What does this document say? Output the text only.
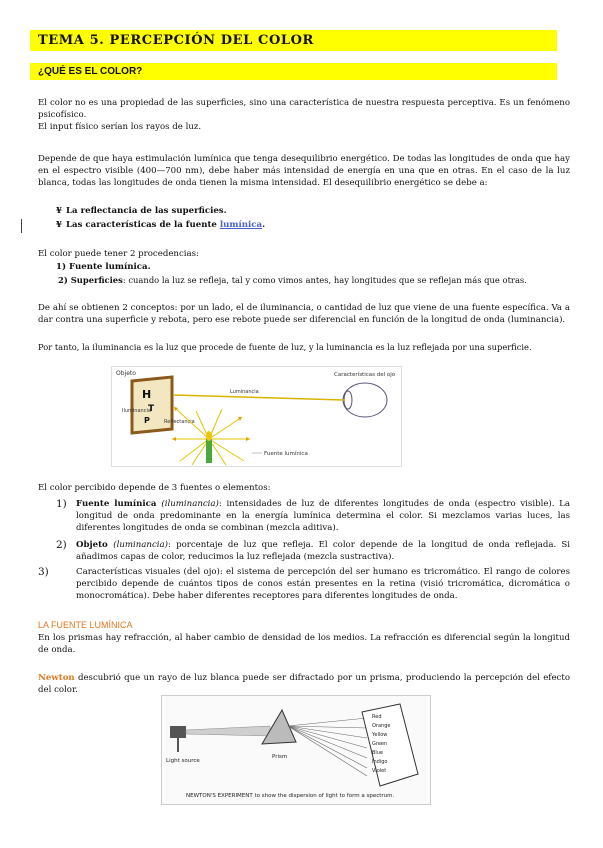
TEMA 5. PERCEPCIÓN DEL COLOR
¿QUÉ ES EL COLOR?
El color no es una propiedad de las superficies, sino una característica de nuestra respuesta perceptiva. Es un fenómeno psicofísico.
El input físico serían los rayos de luz.
Depende de que haya estimulación lumínica que tenga desequilibrio energético. De todas las longitudes de onda que hay en el espectro visible (400—700 nm), debe haber más intensidad de energía en una que en otras. En el caso de la luz blanca, todas las longitudes de onda tienen la misma intensidad. El desequilibrio energético se debe a:
¥ La reflectancia de las superficies.
¥ Las características de la fuente lumínica.
El color puede tener 2 procedencias:
1) Fuente lumínica.
2) Superficies: cuando la luz se refleja, tal y como vimos antes, hay longitudes que se reflejan más que otras.
De ahí se obtienen 2 conceptos: por un lado, el de iluminancia, o cantidad de luz que viene de una fuente específica. Va a dar contra una superficie y rebota, pero ese rebote puede ser diferencial en función de la longitud de onda (luminancia).
Por tanto, la iluminancia es la luz que procede de fuente de luz, y la luminancia es la luz reflejada por una superficie.
Objeto	Características del ojo
H
T
P
Luminancia
Iluminancia
Reflectancia
Fuente lumínica
El color percibido depende de 3 fuentes o elementos:
1) Fuente lumínica (iluminancia): intensidades de luz de diferentes longitudes de onda (espectro visible). La longitud de onda predominante en la energía lumínica determina el color. Si mezclamos varias luces, las diferentes longitudes de onda se combinan (mezcla aditiva).
2) Objeto (luminancia): porcentaje de luz que refleja. El color depende de la longitud de onda reflejada. Si añadimos capas de color, reducimos la luz reflejada (mezcla sustractiva).
3)	Características visuales (del ojo): el sistema de percepción del ser humano es tricromático. El rango de colores percibido depende de cuántos tipos de conos están presentes en la retina (visió tricromática, dicromática o monocromática). Debe haber diferentes receptores para diferentes longitudes de onda.
LA FUENTE LUMÍNICA
En los prismas hay refracción, al haber cambio de densidad de los medios. La refracción es diferencial según la longitud de onda.
Newton descubrió que un rayo de luz blanca puede ser difractado por un prisma, produciendo la percepción del efecto del color.
Light source
Prism
Red
Orange
Yellow
Green
Blue
Indigo
Violet
NEWTON'S EXPERIMENT to show the dispersion of light to form a spectrum.
